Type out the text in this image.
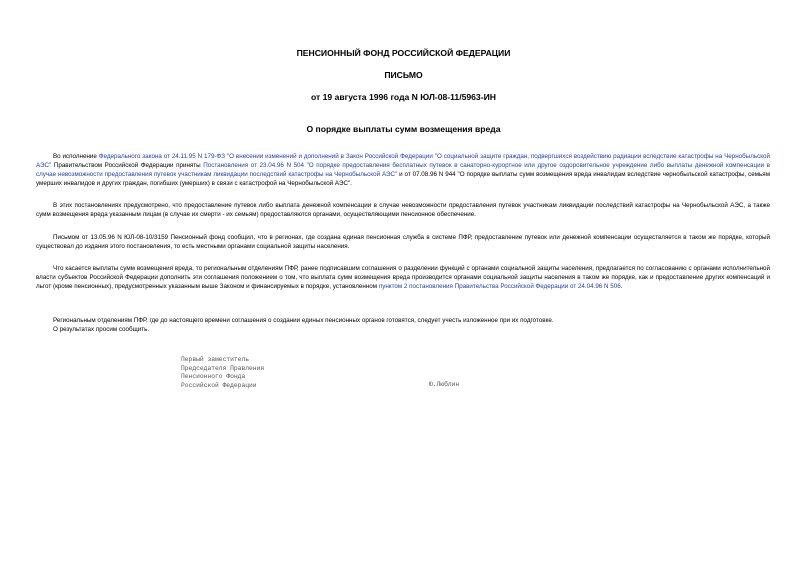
ПЕНСИОННЫЙ ФОНД РОССИЙСКОЙ ФЕДЕРАЦИИ
ПИСЬМО
от 19 августа 1996 года N ЮЛ-08-11/5963-ИН
О порядке выплаты сумм возмещения вреда

Во исполнение Федерального закона от 24.11.95 N 179-ФЗ "О внесении изменений и дополнений в Закон Российской Федерации "О социальной защите граждан, подвергшихся воздействию радиации вследствие катастрофы на Чернобыльской АЭС" Правительством Российской Федерации приняты Постановления от 23.04.96 N 504 "О порядке предоставления бесплатных путевок в санаторно-курортное или другое оздоровительное учреждение либо выплаты денежной компенсации в случае невозможности предоставления путевок участникам ликвидации последствий катастрофы на Чернобыльской АЭС" и от 07.08.96 N 944 "О порядке выплаты сумм возмещения вреда инвалидам вследствие чернобыльской катастрофы, семьям умерших инвалидов и других граждан, погибших (умерших) в связи с катастрофой на Чернобыльской АЭС".

В этих постановлениях предусмотрено, что предоставление путевок либо выплата денежной компенсации в случае невозможности предоставления путевок участникам ликвидации последствий катастрофы на Чернобыльской АЭС, а также сумм возмещения вреда указанным лицам (в случае их смерти - их семьям) предоставляются органами, осуществляющими пенсионное обеспечение.

Письмом от 13.05.96 N ЮЛ-08-10/3159 Пенсионный фонд сообщил, что в регионах, где создана единая пенсионная служба в системе ПФР, предоставление путевок или денежной компенсации осуществляется в таком же порядке, который существовал до издания этого постановления, то есть местными органами социальной защиты населения.

Что касается выплаты сумм возмещения вреда, то региональным отделениям ПФР, ранее подписавшим соглашения о разделении функций с органами социальной защиты населения, предлагается по согласованию с органами исполнительной власти субъектов Российской Федерации дополнить эти соглашения положением о том, что выплата сумм возмещения вреда производится органами социальной защиты населения в таком же порядке, как и предоставление других компенсаций и льгот (кроме пенсионных), предусмотренных указанным выше Законом и финансируемых в порядке, установленном пунктом 2 постановления Правительства Российской Федерации от 24.04.96 N 506.

Региональным отделениям ПФР, где до настоящего времени соглашения о создании единых пенсионных органов готовятся, следует учесть изложенное при их подготовке.

О результатах просим сообщить.

Первый заместитель
Председателя Правления
Пенсионного Фонда
Российской Федерации	Ю.Люблин
